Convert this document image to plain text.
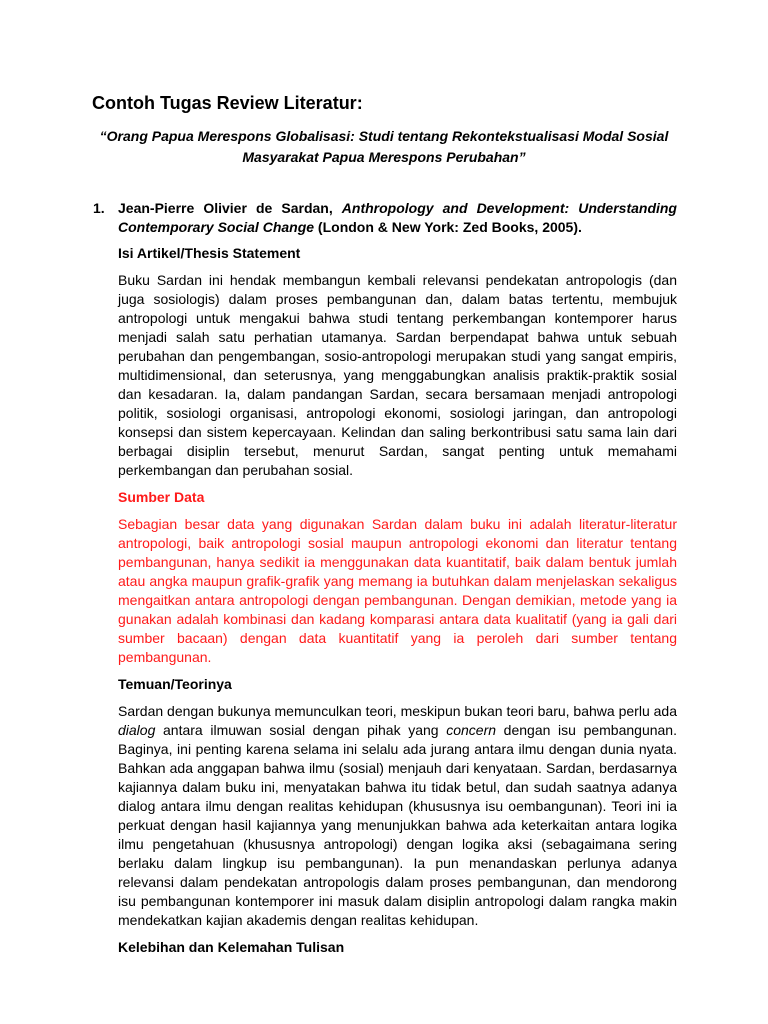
Contoh Tugas Review Literatur:

“Orang Papua Merespons Globalisasi: Studi tentang Rekontekstualisasi Modal Sosial Masyarakat Papua Merespons Perubahan”

1. Jean-Pierre Olivier de Sardan, Anthropology and Development: Understanding Contemporary Social Change (London & New York: Zed Books, 2005).

Isi Artikel/Thesis Statement

Buku Sardan ini hendak membangun kembali relevansi pendekatan antropologis (dan juga sosiologis) dalam proses pembangunan dan, dalam batas tertentu, membujuk antropologi untuk mengakui bahwa studi tentang perkembangan kontemporer harus menjadi salah satu perhatian utamanya. Sardan berpendapat bahwa untuk sebuah perubahan dan pengembangan, sosio-antropologi merupakan studi yang sangat empiris, multidimensional, dan seterusnya, yang menggabungkan analisis praktik-praktik sosial dan kesadaran. Ia, dalam pandangan Sardan, secara bersamaan menjadi antropologi politik, sosiologi organisasi, antropologi ekonomi, sosiologi jaringan, dan antropologi konsepsi dan sistem kepercayaan. Kelindan dan saling berkontribusi satu sama lain dari berbagai disiplin tersebut, menurut Sardan, sangat penting untuk memahami perkembangan dan perubahan sosial.

Sumber Data

Sebagian besar data yang digunakan Sardan dalam buku ini adalah literatur-literatur antropologi, baik antropologi sosial maupun antropologi ekonomi dan literatur tentang pembangunan, hanya sedikit ia menggunakan data kuantitatif, baik dalam bentuk jumlah atau angka maupun grafik-grafik yang memang ia butuhkan dalam menjelaskan sekaligus mengaitkan antara antropologi dengan pembangunan. Dengan demikian, metode yang ia gunakan adalah kombinasi dan kadang komparasi antara data kualitatif (yang ia gali dari sumber bacaan) dengan data kuantitatif yang ia peroleh dari sumber tentang pembangunan.

Temuan/Teorinya

Sardan dengan bukunya memunculkan teori, meskipun bukan teori baru, bahwa perlu ada dialog antara ilmuwan sosial dengan pihak yang concern dengan isu pembangunan. Baginya, ini penting karena selama ini selalu ada jurang antara ilmu dengan dunia nyata. Bahkan ada anggapan bahwa ilmu (sosial) menjauh dari kenyataan. Sardan, berdasarnya kajiannya dalam buku ini, menyatakan bahwa itu tidak betul, dan sudah saatnya adanya dialog antara ilmu dengan realitas kehidupan (khususnya isu oembangunan). Teori ini ia perkuat dengan hasil kajiannya yang menunjukkan bahwa ada keterkaitan antara logika ilmu pengetahuan (khususnya antropologi) dengan logika aksi (sebagaimana sering berlaku dalam lingkup isu pembangunan). Ia pun menandaskan perlunya adanya relevansi dalam pendekatan antropologis dalam proses pembangunan, dan mendorong isu pembangunan kontemporer ini masuk dalam disiplin antropologi dalam rangka makin mendekatkan kajian akademis dengan realitas kehidupan.

Kelebihan dan Kelemahan Tulisan
